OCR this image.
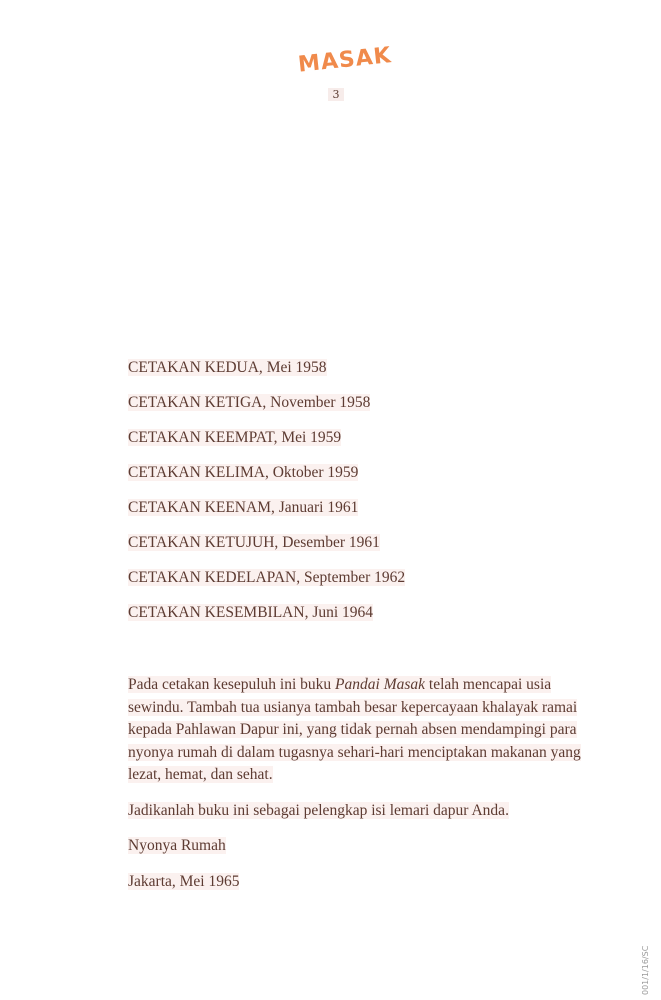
MASAK
3
CETAKAN KEDUA, Mei 1958
CETAKAN KETIGA, November 1958
CETAKAN KEEMPAT, Mei 1959
CETAKAN KELIMA, Oktober 1959
CETAKAN KEENAM, Januari 1961
CETAKAN KETUJUH, Desember 1961
CETAKAN KEDELAPAN, September 1962
CETAKAN KESEMBILAN, Juni 1964

Pada cetakan kesepuluh ini buku Pandai Masak telah mencapai usia sewindu. Tambah tua usianya tambah besar kepercayaan khalayak ramai kepada Pahlawan Dapur ini, yang tidak pernah absen mendampingi para nyonya rumah di dalam tugasnya sehari-hari menciptakan makanan yang lezat, hemat, dan sehat.

Jadikanlah buku ini sebagai pelengkap isi lemari dapur Anda.

Nyonya Rumah

Jakarta, Mei 1965

001/1/16/SC
